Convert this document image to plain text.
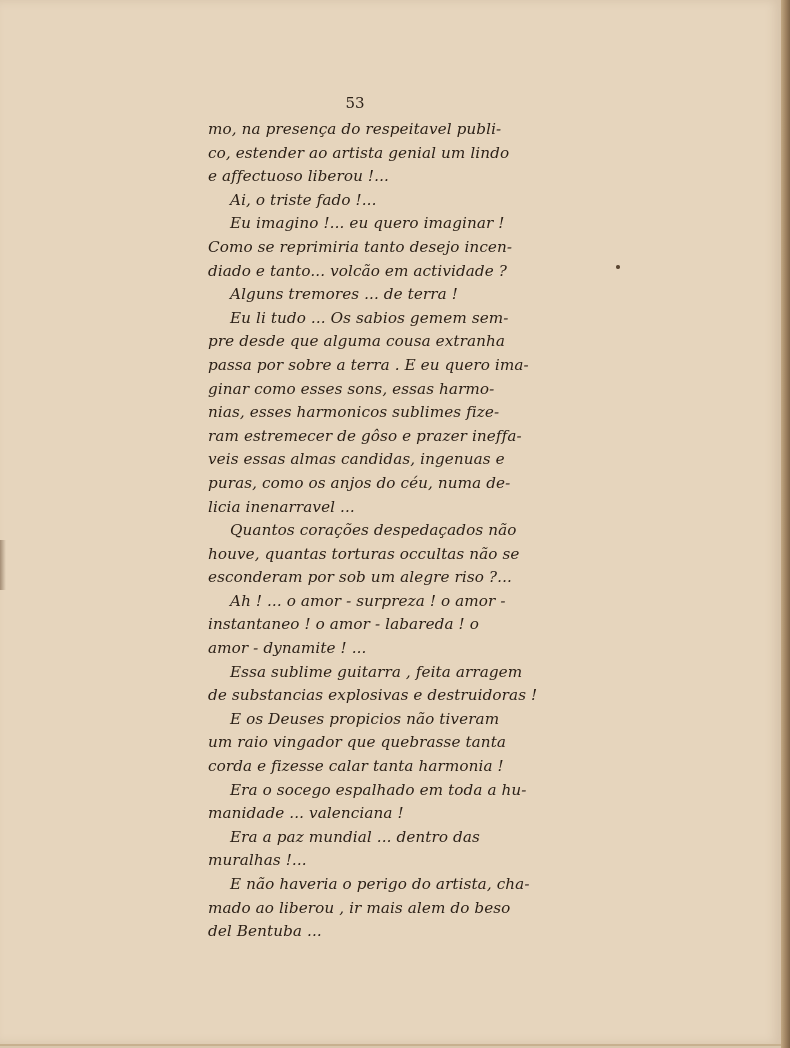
53
mo, na presença do respeitavel publi-
co, estender ao artista genial um lindo
e affectuoso liberou !...
Ai, o triste fado !...
Eu imagino !... eu quero imaginar !
Como se reprimiria tanto desejo incen-
diado e tanto... volcão em actividade ?
Alguns tremores ... de terra !
Eu li tudo ... Os sabios gemem sem-
pre desde que alguma cousa extranha
passa por sobre a terra . E eu quero ima-
ginar como esses sons, essas harmo-
nias, esses harmonicos sublimes fize-
ram estremecer de gôso e prazer ineffa-
veis essas almas candidas, ingenuas e
puras, como os anjos do céu, numa de-
licia inenarravel ...
Quantos corações despedaçados não
houve, quantas torturas occultas não se
esconderam por sob um alegre riso ?...
Ah ! ... o amor - surpreza ! o amor -
instantaneo ! o amor - labareda ! o
amor - dynamite ! ...
Essa sublime guitarra , feita arragem
de substancias explosivas e destruidoras !
E os Deuses propicios não tiveram
um raio vingador que quebrasse tanta
corda e fizesse calar tanta harmonia !
Era o socego espalhado em toda a hu-
manidade ... valenciana !
Era a paz mundial ... dentro das
muralhas !...
E não haveria o perigo do artista, cha-
mado ao liberou , ir mais alem do beso
del Bentuba ...
